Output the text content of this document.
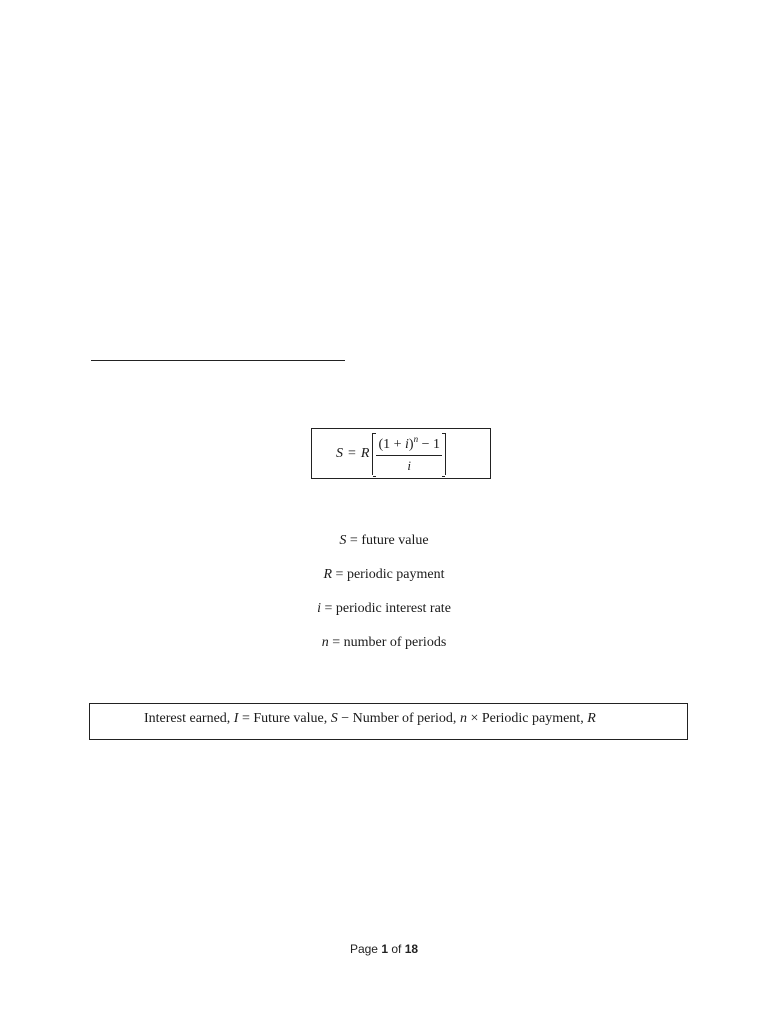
S = R $\frac{(1 + i)^n - 1}{i}$
S = future value
R = periodic payment
i = periodic interest rate
n = number of periods
Interest earned, I = Future value, S − Number of period, n × Periodic payment, R
Page 1 of 18
